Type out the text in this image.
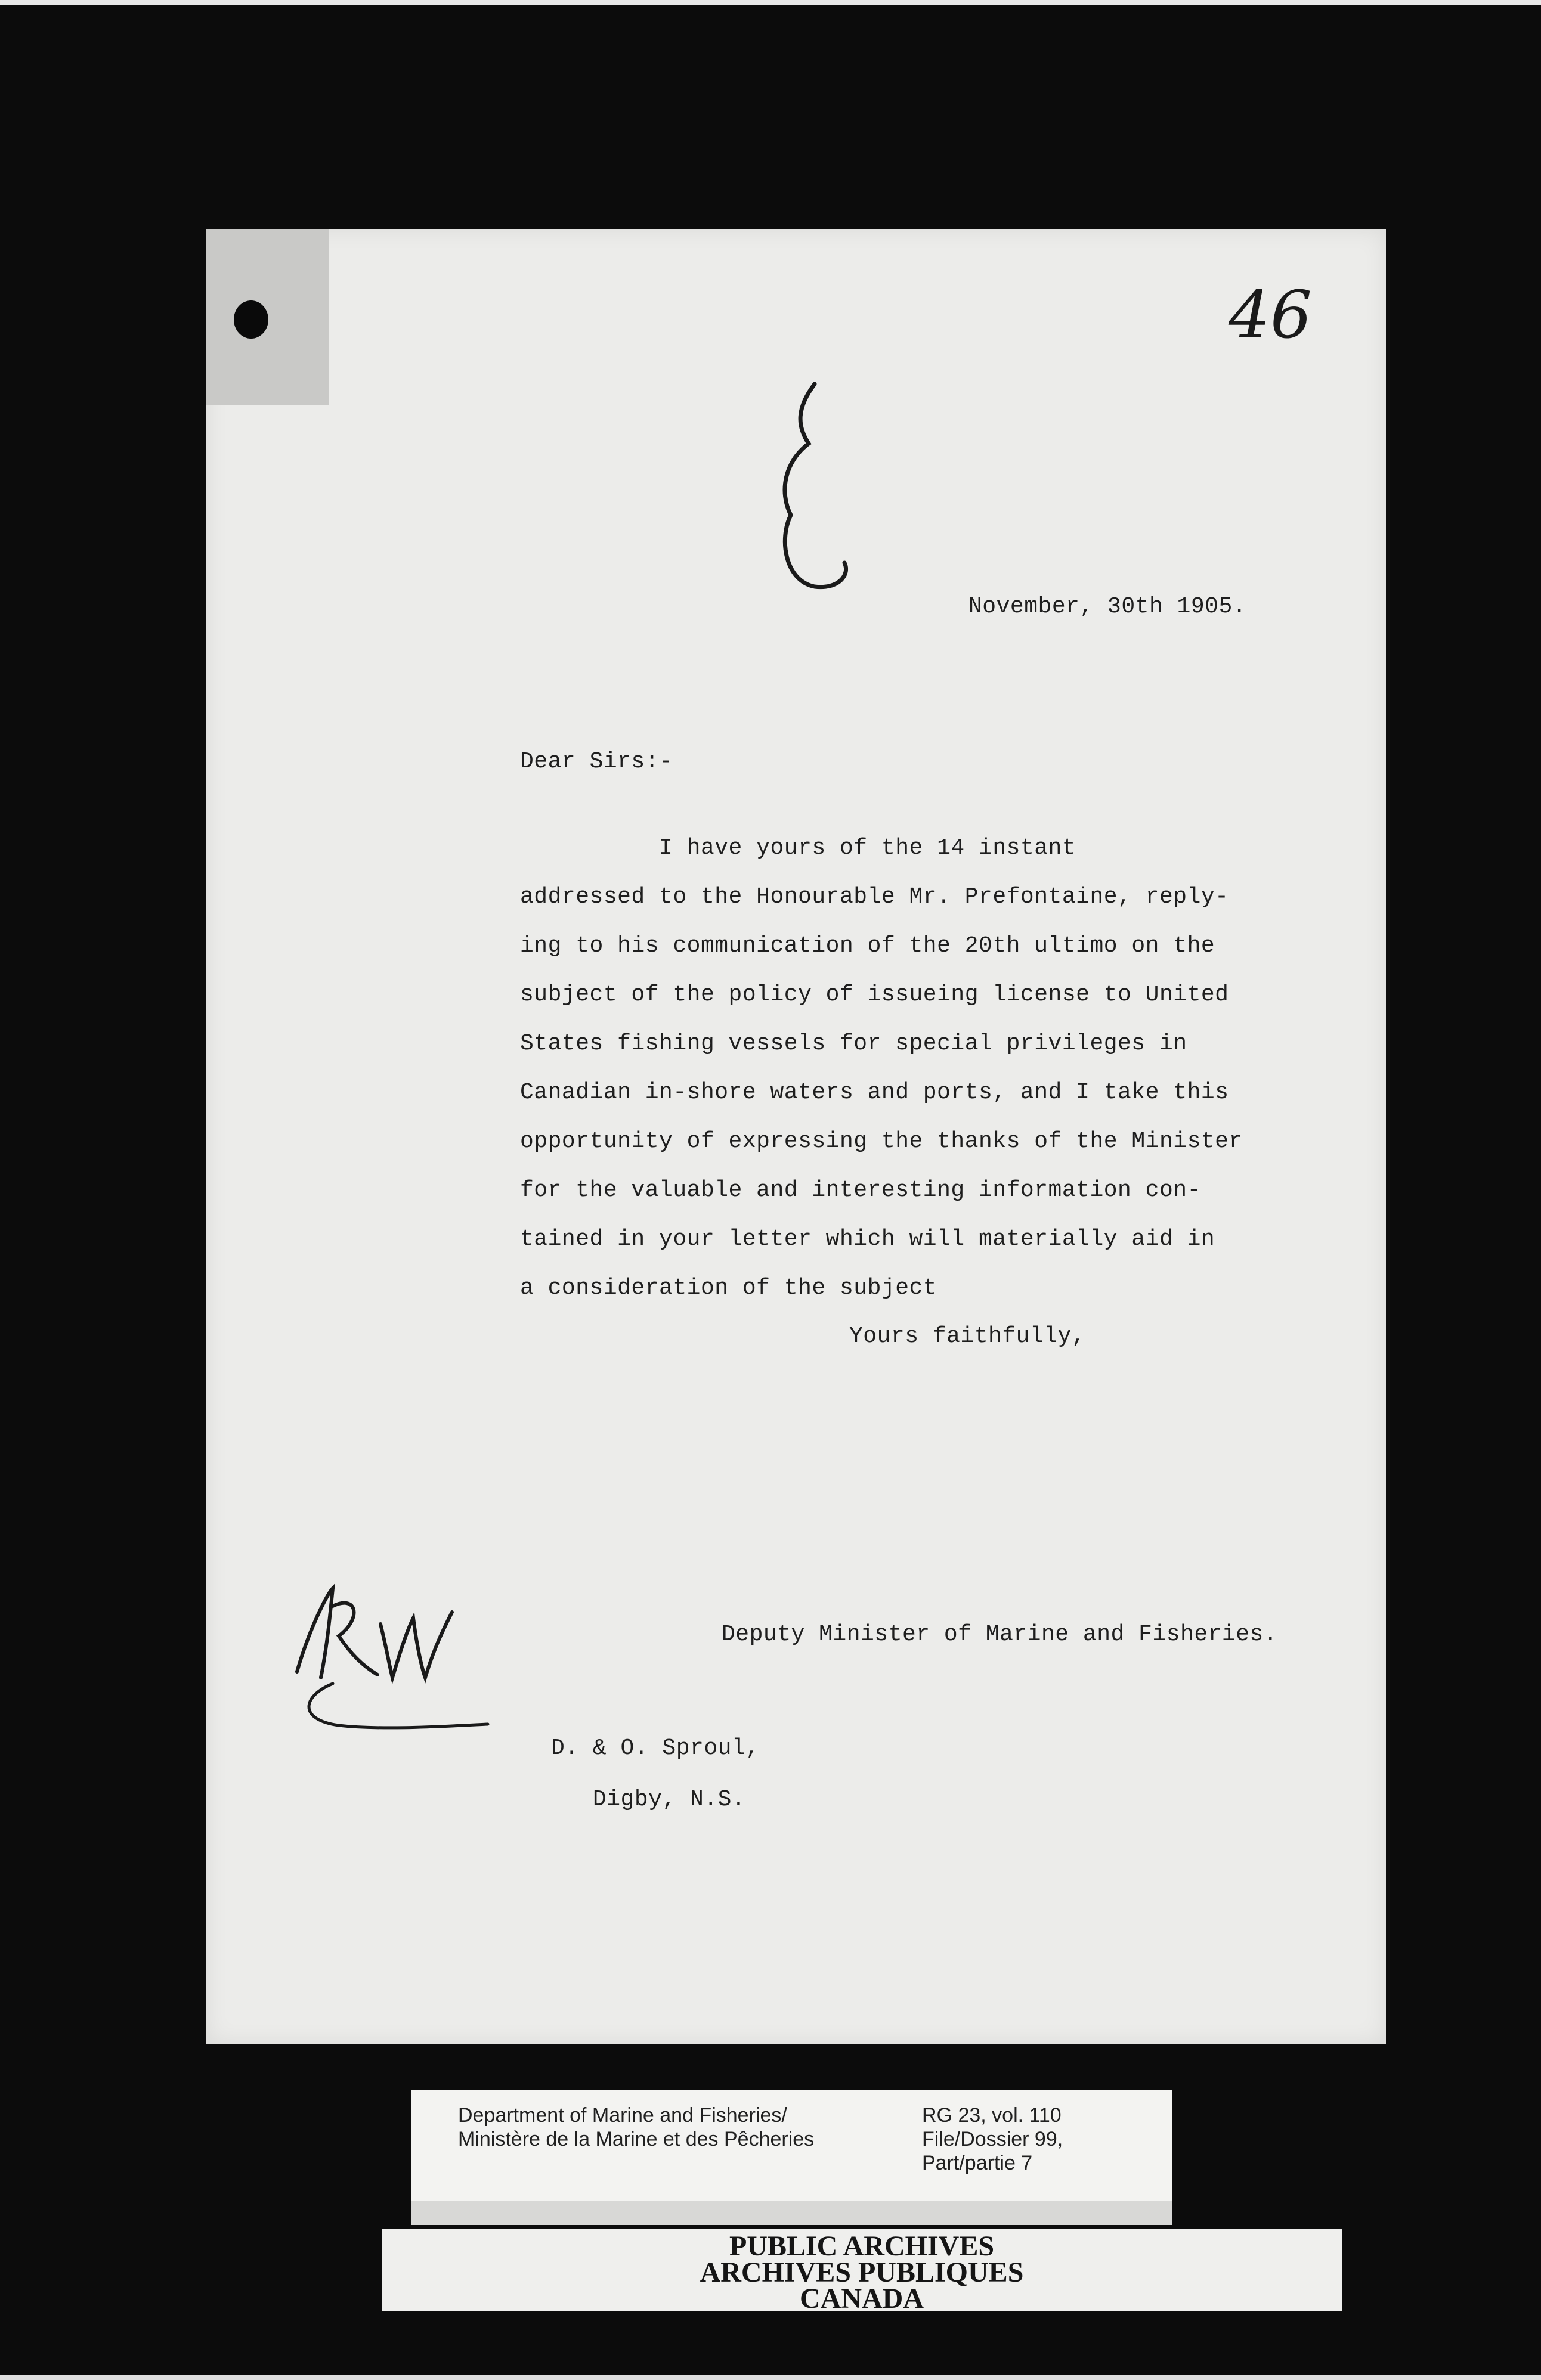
46
November, 30th 1905.
Dear Sirs:-
I have yours of the 14 instant
addressed to the Honourable Mr. Prefontaine, reply-
ing to his communication of the 20th ultimo on the
subject of the policy of issueing license to United
States fishing vessels for special privileges in
Canadian in-shore waters and ports, and I take this
opportunity of expressing the thanks of the Minister
for the valuable and interesting information con-
tained in your letter which will materially aid in
a consideration of the subject
Yours faithfully,
Deputy Minister of Marine and Fisheries.
D. & O. Sproul,
Digby, N.S.
Department of Marine and Fisheries/
Ministère de la Marine et des Pêcheries
RG 23, vol. 110
File/Dossier 99,
Part/partie 7
PUBLIC ARCHIVES
ARCHIVES PUBLIQUES
CANADA
